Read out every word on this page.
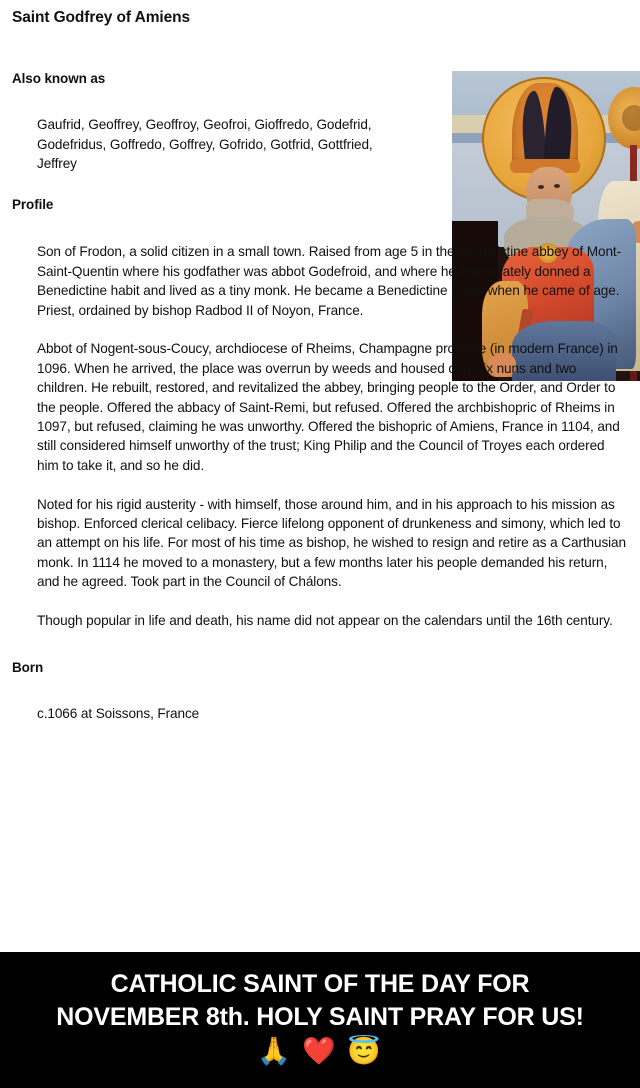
Saint Godfrey of Amiens
Also known as
Gaufrid, Geoffrey, Geoffroy, Geofroi, Gioffredo, Godefrid, Godefridus, Goffredo, Goffrey, Gofrido, Gotfrid, Gottfried, Jeffrey
Profile

Son of Frodon, a solid citizen in a small town. Raised from age 5 in the Benedictine abbey of Mont-Saint-Quentin where his godfather was abbot Godefroid, and where he immediately donned a Benedictine habit and lived as a tiny monk. He became a Benedictine monk when he came of age. Priest, ordained by bishop Radbod II of Noyon, France.

Abbot of Nogent-sous-Coucy, archdiocese of Rheims, Champagne province (in modern France) in 1096. When he arrived, the place was overrun by weeds and housed only six nuns and two children. He rebuilt, restored, and revitalized the abbey, bringing people to the Order, and Order to the people. Offered the abbacy of Saint-Remi, but refused. Offered the archbishopric of Rheims in 1097, but refused, claiming he was unworthy. Offered the bishopric of Amiens, France in 1104, and still considered himself unworthy of the trust; King Philip and the Council of Troyes each ordered him to take it, and so he did.

Noted for his rigid austerity - with himself, those around him, and in his approach to his mission as bishop. Enforced clerical celibacy. Fierce lifelong opponent of drunkeness and simony, which led to an attempt on his life. For most of his time as bishop, he wished to resign and retire as a Carthusian monk. In 1114 he moved to a monastery, but a few months later his people demanded his return, and he agreed. Took part in the Council of Chálons.

Though popular in life and death, his name did not appear on the calendars until the 16th century.

Born
c.1066 at Soissons, France
CATHOLIC SAINT OF THE DAY FOR
NOVEMBER 8th. HOLY SAINT PRAY FOR US!
🙏 ❤️ 😇
